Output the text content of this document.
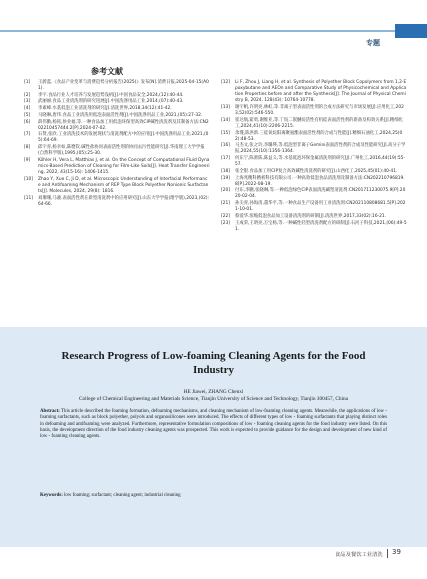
专题
参考文献
[1]	王蔚蓝.《食品产业变革与消费趋势分析报告(2025)》发布[N].消费日报,2025-04-15(A01).
[2]	李宇.食品行业人才培养与发展趋势浅析[J].中国食品安全,2024,(12):40-44.
[3]	武丽丽.食品工业清洗剂的研究进展[J].中国洗涤用品工业,2014,(07):40-43.
[4]	李素峰.水基低泡工业清洗剂的研究[J].清洗世界,2018,34(12):41-42.
[5]	马晓琳,唐伟.食品工业清洗用低泡表面活性剂[J].中国洗涤用品工业,2021,(05):27-32.
[6]	薛伟勤,杨铭,侯业福,等.一种食品加工用低泡环保型高效CIP碱性清洗剂及其制备方法:CN202210457444.2[P].2024-07-02.
[7]	石贤,张欣.工业清洗技术的发展现状与清洗剂配方中的应用[J].中国洗涤用品工业,2021,(05):64-69.
[8]	邱宇青,杨幸如,陈德钦.碱性盐协同表面活性剂的协同去污性能研究[J].华南理工大学学报(自然科学版),1995,(05):25-30.
[9]	Köhler H, Vera L, Matthias J, et al. On the Concept of Computational Fluid Dynamics-Based Prediction of Cleaning for Film-Like Soils[J]. Heat Transfer Engineering, 2022, 43(15-16): 1406-1415.
[10]	Zhao Y, Xue C, Ji D, et al. Microscopic Understanding of Interfacial Performance and Antifoaming Mechanism of REP Type Block Polyether Nonionic Surfactants[J]. Molecules, 2024, 29(8): 1816.
[11]	刘珊珊,马骏.表面活性剂在新型清洗剂中的应用研究[J].山东大学学报(理学版),2023,(02):64-66.
[12]	Li F, Zhou J, Liang H, et al. Synthesis of Polyether Block Copolymers from 1,2-Epoxybutane and AEOn and Comparative Study of Physicochemical and Application Properties before and after the Synthesis[J]. The Journal of Physical Chemistry B, 2024, 128(43): 10764-10778.
[13]	谢宇帆,许明亮,林虹,等.非离子型表面活性剂的合成方法研究与市场发展[J].应用化工,2023,52(02):546-550.
[14]	崔达航,霍勇,谢维亚,等.丁烷二嵌醚烷活性有机硅表面活性剂的新备及构效关系[J].精细化工,2024,41(10):2206-2215.
[15]	余瑾,陈洪新.三硅氧烷阳离聚氨酯表面活性剂的合成与性能[J].精细石油化工,2024,25(02):48-53.
[16]	马杰文,张之玲,李璐瑛,等.低泡型非离子Gemini表面活性剂的合成及性能研究[J].高分子学报,2024,55(10):1356-1364.
[17]	何东宁,陈蕾陈,陈益义,等.水基低泡环保金属清洗剂的研究[J].广州化工,2016,44(19):55-57.
[18]	张全银.食品加工用CIP复合高效碱性清洗剂的研究[J].山西化工,2025,45(01):40-41.
[19]	上海兆精科精析科技有限公司.一种高效低泡食品清洗剂及制备方法:CN202210796819.8[P].2022-08-19.
[20]	付东,李鹏,张晓琳,等.一种低泡绿色CIP表面清洗碱型清洗剂:CN201711230075.9[P].2020-02-04.
[21]	孙尖青,孙海清,董华平,等.一种食品生产设备用工业清洗剂:CN202110808681.5[P].2021-10-01.
[22]	蔡爱华.浓缩低泡食品加工设备清洗剂的研制[J].清洗世界,2017,33(02):16-21.
[23]	王成荣,王明亮,万宝杨,等.一种碱性轻型清洗剂配方的研制[J].石河子科技,2021,(06):49-51.
Research Progress of Low-foaming Cleaning Agents for the Food Industry
HE Jiawei, ZHANG Chenxi
College of Chemical Engineering and Materials Science, Tianjin University of Science and Technology, Tianjin 300457, China
Abstract: This article described the foaming formation, defoaming mechanisms, and cleaning mechanism of low-foaming cleaning agents. Meanwhile, the applications of low - foaming surfactants, such as block polyether, polyols and organosilicones were introduced. The effects of different types of low - foaming surfactants that playing distinct roles in defoaming and antifoaming were analyzed. Furthermore, representative formulation compositions of low - foaming cleaning agents for the food industry were listed. On this basis, the development direction of the food industry cleaning agents was prospected. This work is expected to provide guidance for the design and development of new kind of low - foaming cleaning agents.
Keywords: low foaming; surfactant; cleaning agent; industrial cleaning
食品及餐饮工业清洗 39
